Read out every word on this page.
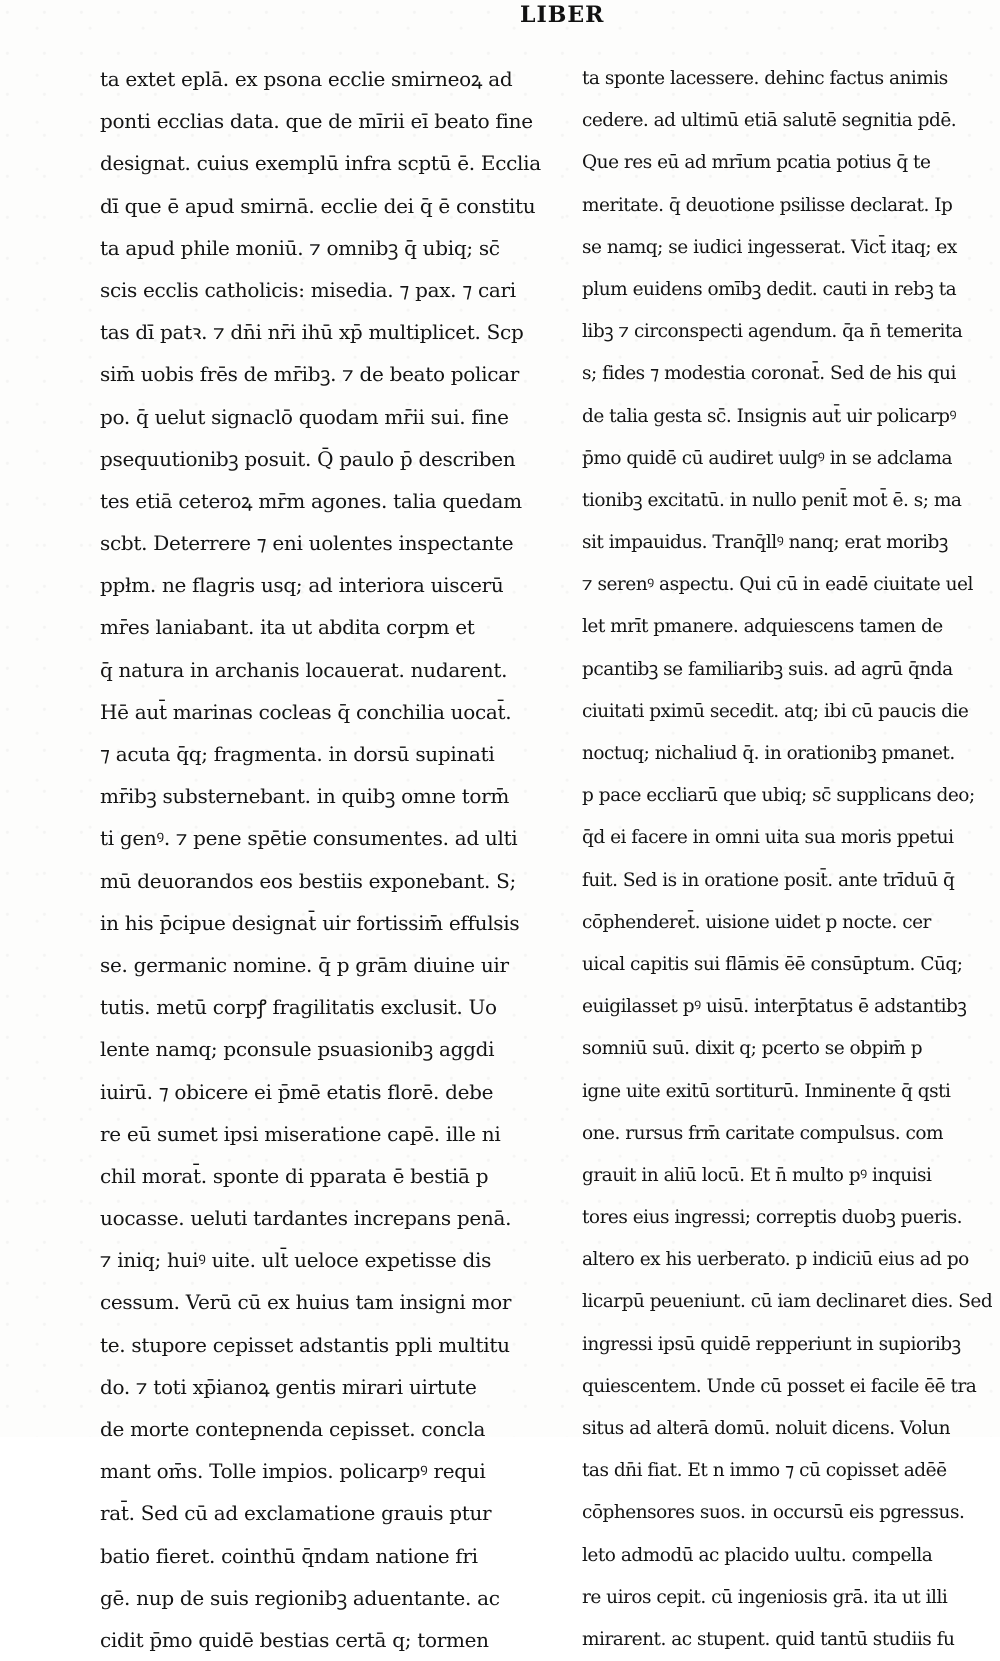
LIBER
ta extet eplā. ex psona ecclie smirneoꝝ ad
ponti ecclias data. que de mīrii eī beato fine
designat. cuius exemplū infra scptū ē. Ecclia
dī que ē apud smirnā. ecclie dei q̄ ē constitu
ta apud phile moniū. ⁊ omnibꝫ q̄ ubiq; sc̄
scis ecclis catholicis: misedia. ⁊ pax. ⁊ cari
tas dī patꝛ. ⁊ dn̄i nr̄i ihū xp̄ multiplicet. Scp
sim̄ uobis frēs de mr̄ibꝫ. ⁊ de beato policar
po. q̄ uelut signaclō quodam mr̄ii sui. fine
psequutionibꝫ posuit. Q̄ paulo p̄ describen
tes etiā ceteroꝝ mr̄m agones. talia quedam
scbt. Deterrere ⁊ eni uolentes inspectante
ppłm. ne flagris usq; ad interiora uiscerū
mr̄es laniabant. ita ut abdita corpm et
q̄ natura in archanis locauerat. nudarent.
Hē aut̄ marinas cocleas q̄ conchilia uocat̄.
⁊ acuta q̄q; fragmenta. in dorsū supinati
mr̄ibꝫ substernebant. in quibꝫ omne torm̄
ti genꝰ. ⁊ pene spētie consumentes. ad ulti
mū deuorandos eos bestiis exponebant. S;
in his p̄cipue designat̄ uir fortissim̄ effulsis
se. germanic nomine. q̄ p grām diuine uir
tutis. metū corpꝭ fragilitatis exclusit. Uo
lente namq; pconsule psuasionibꝫ aggdi
iuirū. ⁊ obicere ei p̄mē etatis florē. debe
re eū sumet ipsi miseratione capē. ille ni
chil morat̄. sponte di pparata ē bestiā p
uocasse. ueluti tardantes increpans penā.
⁊ iniq; huiꝰ uite. ult̄ ueloce expetisse dis
cessum. Verū cū ex huius tam insigni mor
te. stupore cepisset adstantis ppli multitu
do. ⁊ toti xp̄ianoꝝ gentis mirari uirtute
de morte contepnenda cepisset. concla
mant om̄s. Tolle impios. policarpꝰ requi
rat̄. Sed cū ad exclamatione grauis ptur
batio fieret. cointhū q̄ndam natione fri
gē. nup de suis regionibꝫ aduentante. ac
cidit p̄mo quidē bestias certā q; tormen
ta sponte lacessere. dehinc factus animis
cedere. ad ultimū etiā salutē segnitia pdē.
Que res eū ad mrīum pcatia potius q̄ te
meritate. q̄ deuotione psilisse declarat. Ip
se namq; se iudici ingesserat. Vict̄ itaq; ex
plum euidens omībꝫ dedit. cauti in rebꝫ ta
libꝫ ⁊ circonspecti agendum. q̄a n̄ temerita
s; fides ⁊ modestia coronat̄. Sed de his qui
de talia gesta sc̄. Insignis aut̄ uir policarpꝰ
p̄mo quidē cū audiret uulgꝰ in se adclama
tionibꝫ excitatū. in nullo penit̄ mot̄ ē. s; ma
sit impauidus. Tranq̄llꝰ nanq; erat moribꝫ
⁊ serenꝰ aspectu. Qui cū in eadē ciuitate uel
let mrīt pmanere. adquiescens tamen de
pcantibꝫ se familiaribꝫ suis. ad agrū q̄nda
ciuitati pximū secedit. atq; ibi cū paucis die
noctuq; nichaliud q̄. in orationibꝫ pmanet.
p pace eccliarū que ubiq; sc̄ supplicans deo;
q̄d ei facere in omni uita sua moris ppetui
fuit. Sed is in oratione posit̄. ante trīduū q̄
cōphenderet̄. uisione uidet p nocte. cer
uical capitis sui flāmis ēē consūptum. Cūq;
euigilasset pꝰ uisū. interp̄tatus ē adstantibꝫ
somniū suū. dixit q; pcerto se obpim̄ p
igne uite exitū sortiturū. Inminente q̄ qsti
one. rursus frm̄ caritate compulsus. com
grauit in aliū locū. Et n̄ multo pꝰ inquisi
tores eius ingressi; correptis duobꝫ pueris.
altero ex his uerberato. p indiciū eius ad po
licarpū peueniunt. cū iam declinaret dies. Sed
ingressi ipsū quidē repperiunt in supioribꝫ
quiescentem. Unde cū posset ei facile ēē tra
situs ad alterā domū. noluit dicens. Volun
tas dn̄i fiat. Et n immo ⁊ cū copisset adēē
cōphensores suos. in occursū eis pgressus.
leto admodū ac placido uultu. compella
re uiros cepit. cū ingeniosis grā. ita ut illi
mirarent. ac stupent. quid tantū studiis fu
